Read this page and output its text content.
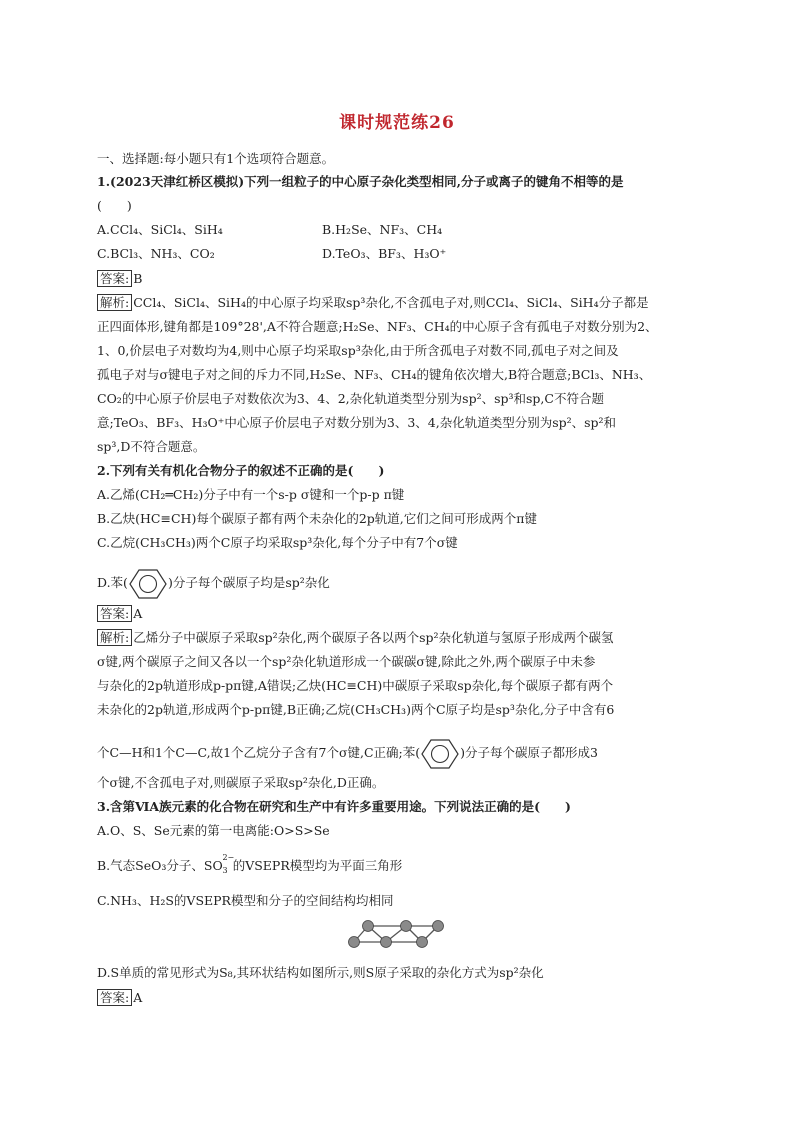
课时规范练26
一、选择题:每小题只有1个选项符合题意。
1.(2023天津红桥区模拟)下列一组粒子的中心原子杂化类型相同,分子或离子的键角不相等的是
(　　)
A.CCl₄、SiCl₄、SiH₄	B.H₂Se、NF₃、CH₄
C.BCl₃、NH₃、CO₂	D.TeO₃、BF₃、H₃O⁺
答案: B
解析: CCl₄、SiCl₄、SiH₄的中心原子均采取sp³杂化,不含孤电子对,则CCl₄、SiCl₄、SiH₄分子都是
正四面体形,键角都是109°28',A不符合题意;H₂Se、NF₃、CH₄的中心原子含有孤电子对数分别为2、
1、0,价层电子对数均为4,则中心原子均采取sp³杂化,由于所含孤电子对数不同,孤电子对之间及
孤电子对与σ键电子对之间的斥力不同,H₂Se、NF₃、CH₄的键角依次增大,B符合题意;BCl₃、NH₃、
CO₂的中心原子价层电子对数依次为3、4、2,杂化轨道类型分别为sp²、sp³和sp,C不符合题
意;TeO₃、BF₃、H₃O⁺中心原子价层电子对数分别为3、3、4,杂化轨道类型分别为sp²、sp²和
sp³,D不符合题意。
2.下列有关有机化合物分子的叙述不正确的是(　　)
A.乙烯(CH₂═CH₂)分子中有一个s-p σ键和一个p-p π键
B.乙炔(HC≡CH)每个碳原子都有两个未杂化的2p轨道,它们之间可形成两个π键
C.乙烷(CH₃CH₃)两个C原子均采取sp³杂化,每个分子中有7个σ键
D.苯(	)分子每个碳原子均是sp²杂化
答案: A
解析: 乙烯分子中碳原子采取sp²杂化,两个碳原子各以两个sp²杂化轨道与氢原子形成两个碳氢
σ键,两个碳原子之间又各以一个sp²杂化轨道形成一个碳碳σ键,除此之外,两个碳原子中未参
与杂化的2p轨道形成p-pπ键,A错误;乙炔(HC≡CH)中碳原子采取sp杂化,每个碳原子都有两个
未杂化的2p轨道,形成两个p-pπ键,B正确;乙烷(CH₃CH₃)两个C原子均是sp³杂化,分子中含有6
个C—H和1个C—C,故1个乙烷分子含有7个σ键,C正确;苯(	)分子每个碳原子都形成3
个σ键,不含孤电子对,则碳原子采取sp²杂化,D正确。
3.含第ⅥA族元素的化合物在研究和生产中有许多重要用途。下列说法正确的是(　　)
A.O、S、Se元素的第一电离能:O>S>Se
B.气态SeO₃分子、SO
2−
3 的VSEPR模型均为平面三角形
C.NH₃、H₂S的VSEPR模型和分子的空间结构均相同
D.S单质的常见形式为S₈,其环状结构如图所示,则S原子采取的杂化方式为sp²杂化
答案: A
